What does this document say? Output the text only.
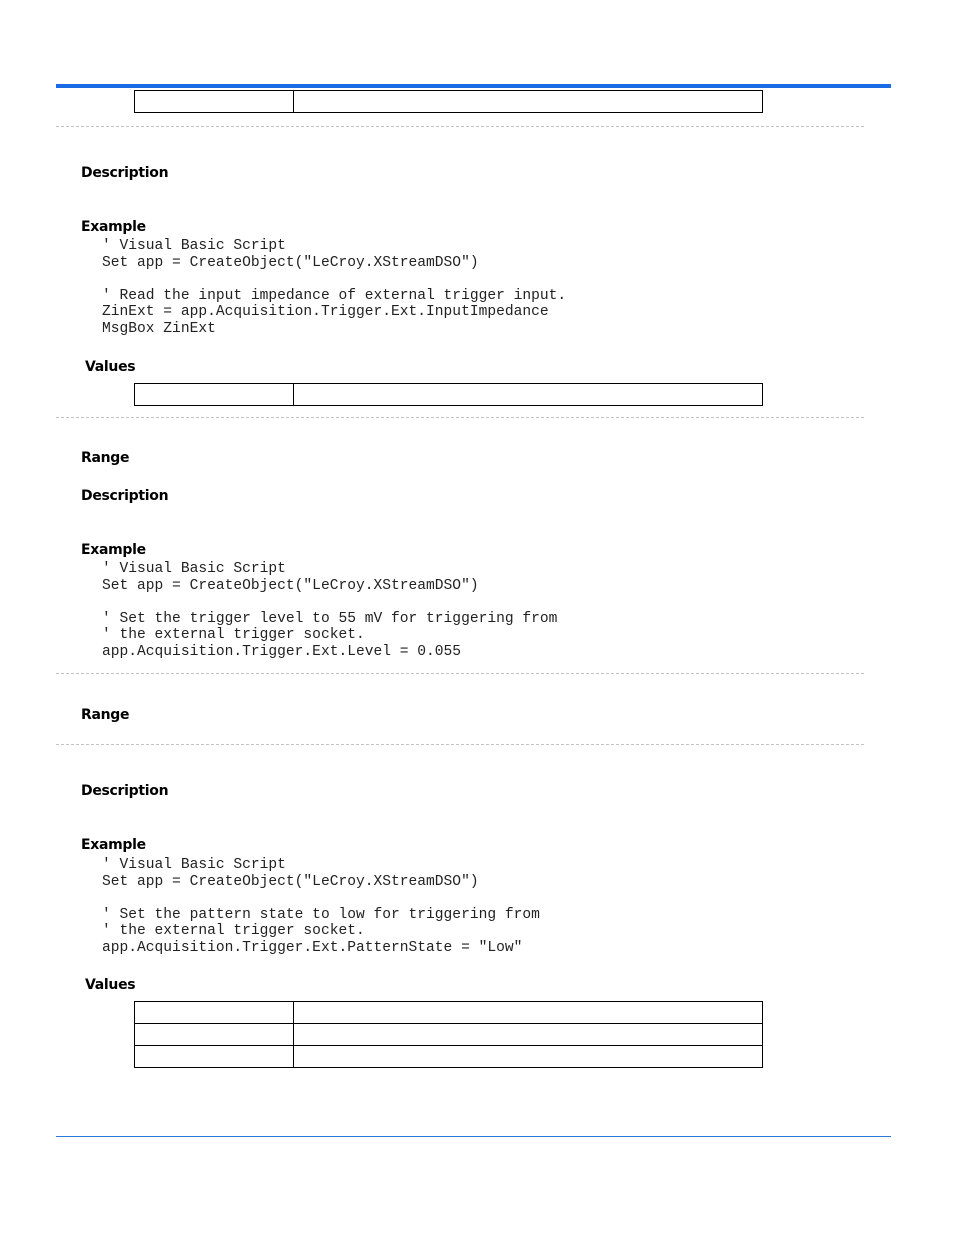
Description
Example
' Visual Basic Script
Set app = CreateObject("LeCroy.XStreamDSO")
' Read the input impedance of external trigger input.
ZinExt = app.Acquisition.Trigger.Ext.InputImpedance
MsgBox ZinExt
Values

Range
Description
Example
' Visual Basic Script
Set app = CreateObject("LeCroy.XStreamDSO")
' Set the trigger level to 55 mV for triggering from
' the external trigger socket.
app.Acquisition.Trigger.Ext.Level = 0.055
Range
Description
Example
' Visual Basic Script
Set app = CreateObject("LeCroy.XStreamDSO")
' Set the pattern state to low for triggering from
' the external trigger socket.
app.Acquisition.Trigger.Ext.PatternState = "Low"
Values
